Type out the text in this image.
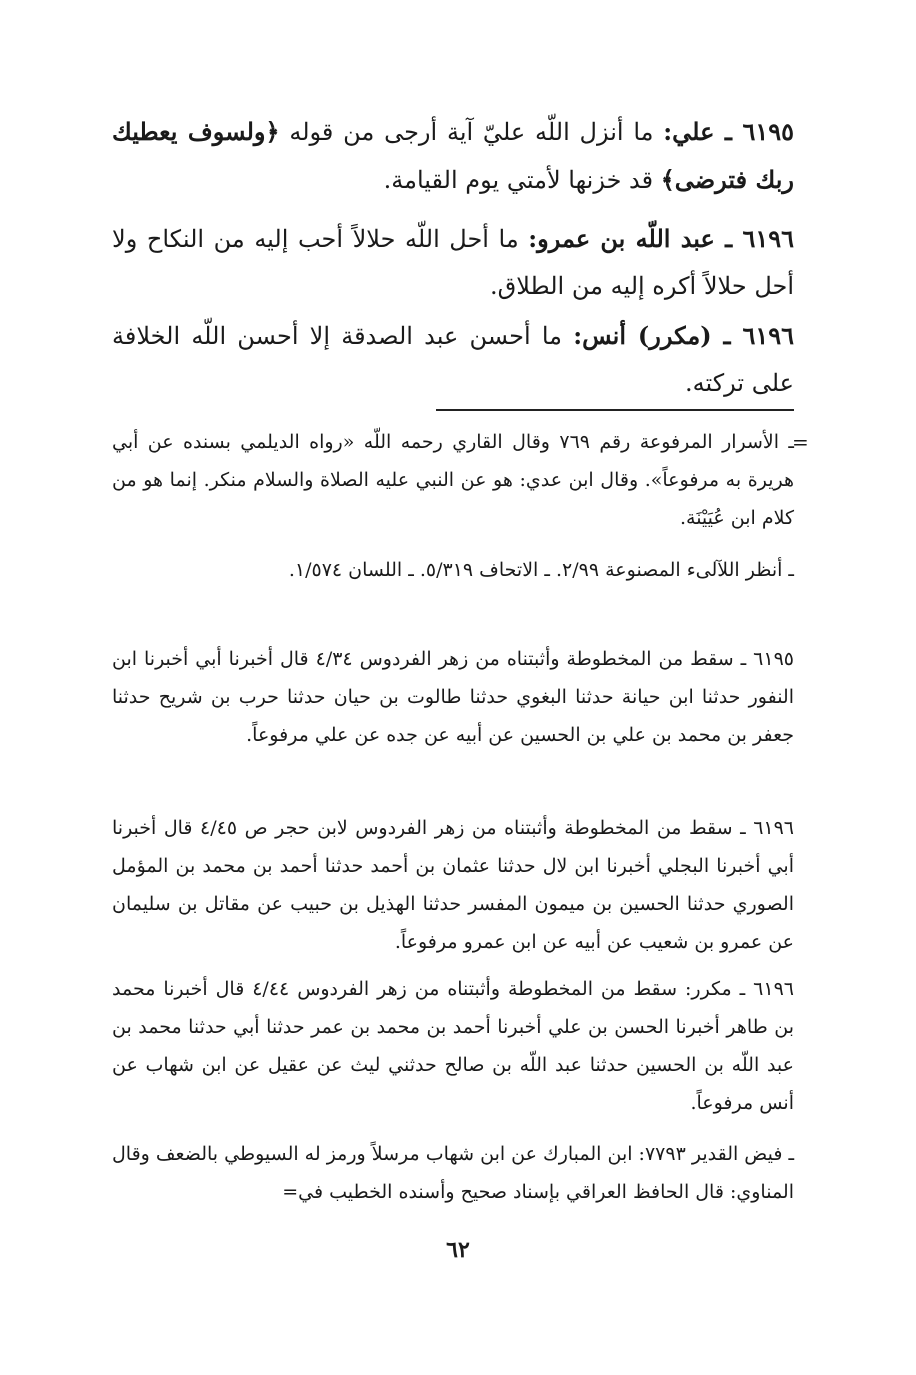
٦١٩٥ ـ علي: ما أنزل اللّه عليّ آية أرجى من قوله ﴿ولسوف يعطيك ربك فترضى﴾ قد خزنها لأمتي يوم القيامة.
٦١٩٦ ـ عبد اللّه بن عمرو: ما أحل اللّه حلالاً أحب إليه من النكاح ولا أحل حلالاً أكره إليه من الطلاق.
٦١٩٦ ـ (مكرر) أنس: ما أحسن عبد الصدقة إلا أحسن اللّه الخلافة على تركته.
=
ـ الأسرار المرفوعة رقم ٧٦٩ وقال القاري رحمه اللّه «رواه الديلمي بسنده عن أبي هريرة به مرفوعاً». وقال ابن عدي: هو عن النبي عليه الصلاة والسلام منكر. إنما هو من كلام ابن عُيَيْنَة.
ـ أنظر اللآلىء المصنوعة ٢/٩٩. ـ الاتحاف ٥/٣١٩. ـ اللسان ١/٥٧٤.
٦١٩٥ ـ سقط من المخطوطة وأثبتناه من زهر الفردوس ٤/٣٤ قال أخبرنا أبي أخبرنا ابن النفور حدثنا ابن حيانة حدثنا البغوي حدثنا طالوت بن حيان حدثنا حرب بن شريح حدثنا جعفر بن محمد بن علي بن الحسين عن أبيه عن جده عن علي مرفوعاً.
٦١٩٦ ـ سقط من المخطوطة وأثبتناه من زهر الفردوس لابن حجر ص ٤/٤٥ قال أخبرنا أبي أخبرنا البجلي أخبرنا ابن لال حدثنا عثمان بن أحمد حدثنا أحمد بن محمد بن المؤمل الصوري حدثنا الحسين بن ميمون المفسر حدثنا الهذيل بن حبيب عن مقاتل بن سليمان عن عمرو بن شعيب عن أبيه عن ابن عمرو مرفوعاً.
٦١٩٦ ـ مكرر: سقط من المخطوطة وأثبتناه من زهر الفردوس ٤/٤٤ قال أخبرنا محمد بن طاهر أخبرنا الحسن بن علي أخبرنا أحمد بن محمد بن عمر حدثنا أبي حدثنا محمد بن عبد اللّه بن الحسين حدثنا عبد اللّه بن صالح حدثني ليث عن عقيل عن ابن شهاب عن أنس مرفوعاً.
ـ فيض القدير ٧٧٩٣: ابن المبارك عن ابن شهاب مرسلاً ورمز له السيوطي بالضعف وقال المناوي: قال الحافظ العراقي بإسناد صحيح وأسنده الخطيب في=
٦٢
